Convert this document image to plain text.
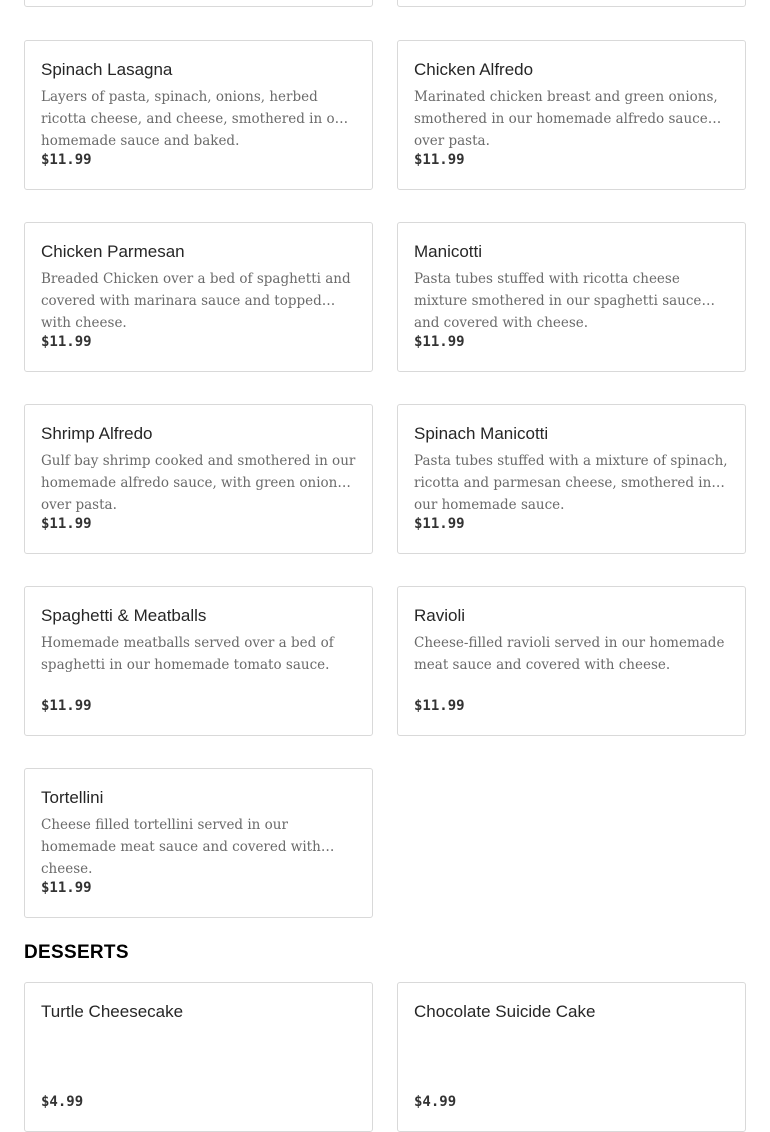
Spinach Lasagna
Layers of pasta, spinach, onions, herbed ricotta cheese, and cheese, smothered in our homemade sauce and baked.
$11.99
Chicken Alfredo
Marinated chicken breast and green onions, smothered in our homemade alfredo sauce over pasta.
$11.99
Chicken Parmesan
Breaded Chicken over a bed of spaghetti and covered with marinara sauce and topped with cheese.
$11.99
Manicotti
Pasta tubes stuffed with ricotta cheese mixture smothered in our spaghetti sauce and covered with cheese.
$11.99
Shrimp Alfredo
Gulf bay shrimp cooked and smothered in our homemade alfredo sauce, with green onions, over pasta.
$11.99
Spinach Manicotti
Pasta tubes stuffed with a mixture of spinach, ricotta and parmesan cheese, smothered in our homemade sauce.
$11.99
Spaghetti & Meatballs
Homemade meatballs served over a bed of spaghetti in our homemade tomato sauce.
$11.99
Ravioli
Cheese-filled ravioli served in our homemade meat sauce and covered with cheese.
$11.99
Tortellini
Cheese filled tortellini served in our homemade meat sauce and covered with cheese.
$11.99
DESSERTS
Turtle Cheesecake
$4.99
Chocolate Suicide Cake
$4.99
